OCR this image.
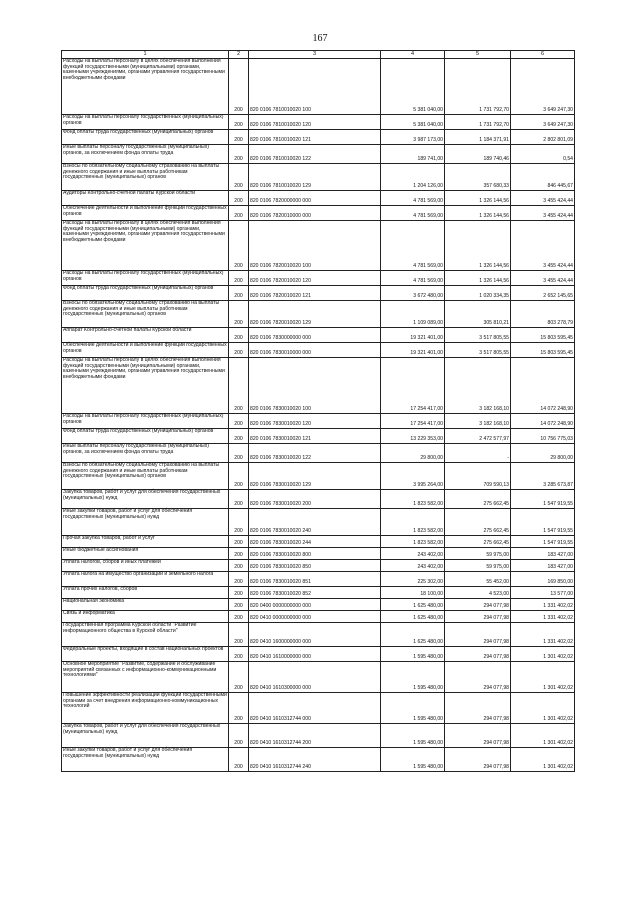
167
1	2	3	4	5	6
Расходы на выплаты персоналу в целях обеспечения выполнения функций государственными (муниципальными) органами, казенными учреждениями, органами управления государственными внебюджетными фондами	200	820 0106 7810010020 100	5 381 040,00	1 731 792,70	3 649 247,30
Расходы на выплаты персоналу государственных (муниципальных) органов	200	820 0106 7810010020 120	5 381 040,00	1 731 792,70	3 649 247,30
Фонд оплаты труда государственных (муниципальных) органов	200	820 0106 7810010020 121	3 987 173,00	1 184 371,91	2 802 801,09
Иные выплаты персоналу государственных (муниципальных) органов, за исключением фонда оплаты труда	200	820 0106 7810010020 122	189 741,00	189 740,46	0,54
Взносы по обязательному социальному страхованию на выплаты денежного содержания и иные выплаты работникам государственных (муниципальных) органов	200	820 0106 7810010020 129	1 204 126,00	357 680,33	846 445,67
Аудиторы Контрольно-счетной палаты Курской области	200	820 0106 7820000000 000	4 781 569,00	1 326 144,56	3 455 424,44
Обеспечение деятельности и выполнение функций государственных органов	200	820 0106 7820010000 000	4 781 569,00	1 326 144,56	3 455 424,44
Расходы на выплаты персоналу в целях обеспечения выполнения функций государственными (муниципальными) органами, казенными учреждениями, органами управления государственными внебюджетными фондами	200	820 0106 7820010020 100	4 781 569,00	1 326 144,56	3 455 424,44
Расходы на выплаты персоналу государственных (муниципальных) органов	200	820 0106 7820010020 120	4 781 569,00	1 326 144,56	3 455 424,44
Фонд оплаты труда государственных (муниципальных) органов	200	820 0106 7820010020 121	3 672 480,00	1 020 334,35	2 652 145,65
Взносы по обязательному социальному страхованию на выплаты денежного содержания и иные выплаты работникам государственных (муниципальных) органов	200	820 0106 7820010020 129	1 109 089,00	305 810,21	803 278,79
Аппарат Контрольно-счетной палаты Курской области	200	820 0106 7830000000 000	19 321 401,00	3 517 805,55	15 803 595,45
Обеспечение деятельности и выполнение функций государственных органов	200	820 0106 7830010000 000	19 321 401,00	3 517 805,55	15 803 595,45
Расходы на выплаты персоналу в целях обеспечения выполнения функций государственными (муниципальными) органами, казенными учреждениями, органами управления государственными внебюджетными фондами	200	820 0106 7830010020 100	17 254 417,00	3 182 168,10	14 072 248,90
Расходы на выплаты персоналу государственных (муниципальных) органов	200	820 0106 7830010020 120	17 254 417,00	3 182 168,10	14 072 248,90
Фонд оплаты труда государственных (муниципальных) органов	200	820 0106 7830010020 121	13 229 353,00	2 472 577,97	10 756 775,03
Иные выплаты персоналу государственных (муниципальных) органов, за исключением фонда оплаты труда	200	820 0106 7830010020 122	29 800,00	-	29 800,00
Взносы по обязательному социальному страхованию на выплаты денежного содержания и иные выплаты работникам государственных (муниципальных) органов	200	820 0106 7830010020 129	3 995 264,00	709 590,13	3 285 673,87
Закупка товаров, работ и услуг для обеспечения государственных (муниципальных) нужд	200	820 0106 7830010020 200	1 823 582,00	275 662,45	1 547 919,55
Иные закупки товаров, работ и услуг для обеспечения государственных (муниципальных) нужд	200	820 0106 7830010020 240	1 823 582,00	275 662,45	1 547 919,55
Прочая закупка товаров, работ и услуг	200	820 0106 7830010020 244	1 823 582,00	275 662,45	1 547 919,55
Иные бюджетные ассигнования	200	820 0106 7830010020 800	243 402,00	59 975,00	183 427,00
Уплата налогов, сборов и иных платежей	200	820 0106 7830010020 850	243 402,00	59 975,00	183 427,00
Уплата налога на имущество организаций и земельного налога	200	820 0106 7830010020 851	225 302,00	55 452,00	169 850,00
Уплата прочих налогов, сборов	200	820 0106 7830010020 852	18 100,00	4 523,00	13 577,00
Национальная экономика	200	820 0400 0000000000 000	1 625 480,00	294 077,98	1 331 402,02
Связь и информатика	200	820 0410 0000000000 000	1 625 480,00	294 077,98	1 331 402,02
Государственная программа Курской области "Развитие информационного общества в Курской области"	200	820 0410 1600000000 000	1 625 480,00	294 077,98	1 331 402,02
Федеральные проекты, входящие в состав национальных проектов	200	820 0410 1610000000 000	1 595 480,00	294 077,98	1 301 402,02
Основное мероприятие "Развитие, содержание и обслуживание мероприятий связанных с информационно-коммуникационными технологиями"	200	820 0410 1610300000 000	1 595 480,00	294 077,98	1 301 402,02
Повышение эффективности реализации функций государственными органами за счет внедрения информационно-коммуникационных технологий	200	820 0410 1610312744 000	1 595 480,00	294 077,98	1 301 402,02
Закупка товаров, работ и услуг для обеспечения государственных (муниципальных) нужд	200	820 0410 1610312744 200	1 595 480,00	294 077,98	1 301 402,02
Иные закупки товаров, работ и услуг для обеспечения государственных (муниципальных) нужд	200	820 0410 1610312744 240	1 595 480,00	294 077,98	1 301 402,02
